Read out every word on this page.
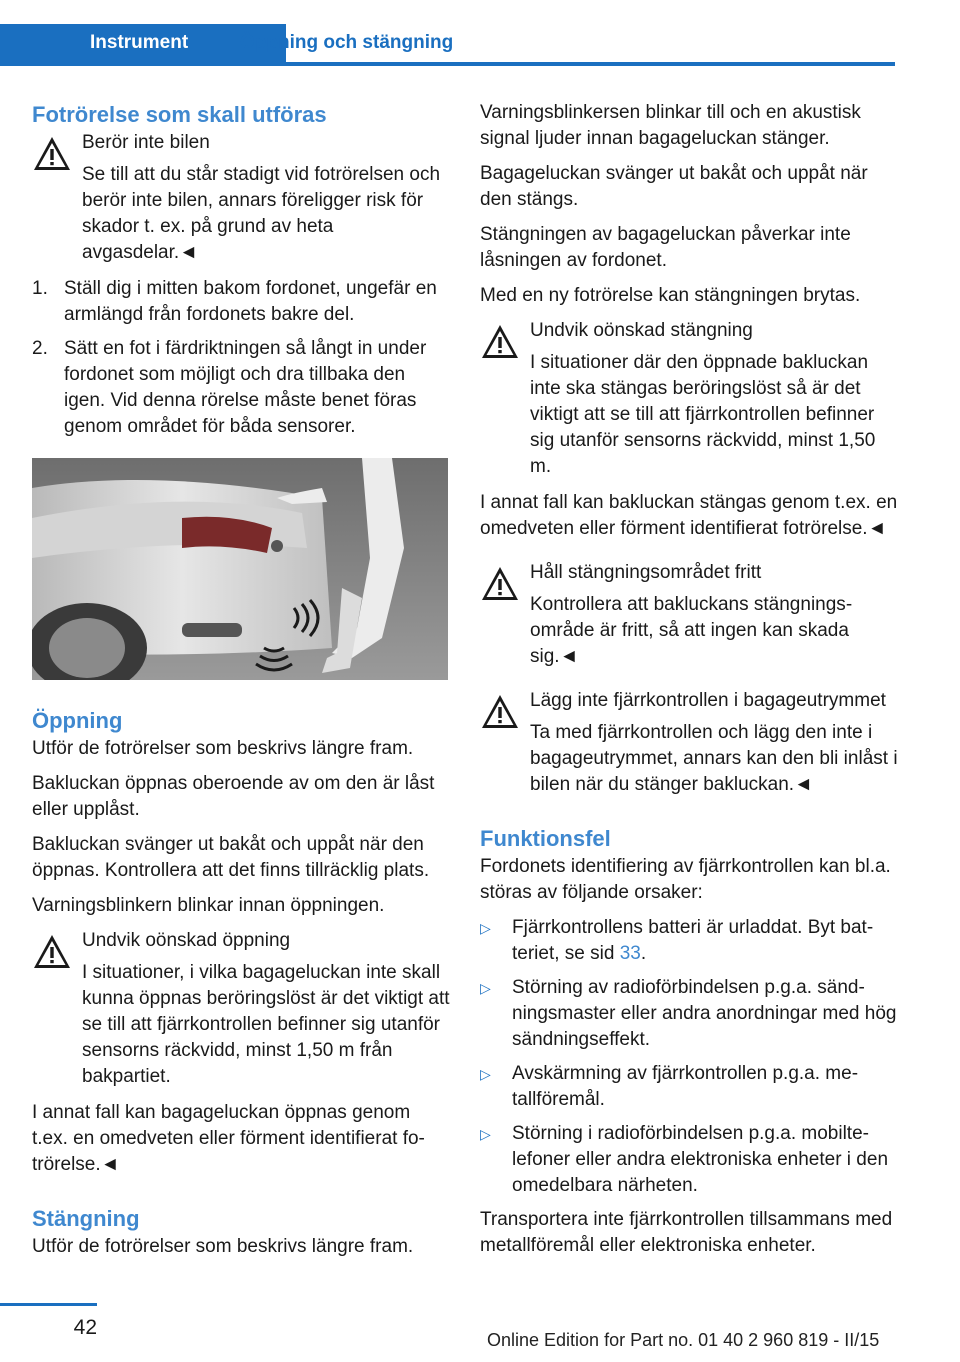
Instrument	Öppning och stängning
Fotrörelse som skall utföras
Berör inte bilen
Se till att du står stadigt vid fotrörelsen och berör inte bilen, annars föreligger risk för skador t. ex. på grund av heta avgasdelar.◄
1. Ställ dig i mitten bakom fordonet, ungefär en armlängd från fordonets bakre del.
2. Sätt en fot i färdriktningen så långt in under fordonet som möjligt och dra tillbaka den igen. Vid denna rörelse måste benet föras genom området för båda sensorer.
Öppning

Utför de fotrörelser som beskrivs längre fram.

Bakluckan öppnas oberoende av om den är låst eller upplåst.

Bakluckan svänger ut bakåt och uppåt när den öppnas. Kontrollera att det finns tillräcklig plats.

Varningsblinkern blinkar innan öppningen.

Undvik oönskad öppning
I situationer, i vilka bagageluckan inte skall kunna öppnas beröringslöst är det viktigt att se till att fjärrkontrollen befinner sig utanför sensorns räckvidd, minst 1,50 m från bakpartiet.

I annat fall kan bagageluckan öppnas genom t.ex. en omedveten eller förment identifierat fotrörelse.◄

Stängning

Utför de fotrörelser som beskrivs längre fram.

Varningsblinkersen blinkar till och en akustisk signal ljuder innan bagageluckan stänger.

Bagageluckan svänger ut bakåt och uppåt när den stängs.

Stängningen av bagageluckan påverkar inte låsningen av fordonet.

Med en ny fotrörelse kan stängningen brytas.

Undvik oönskad stängning
I situationer där den öppnade bakluckan inte ska stängas beröringslöst så är det viktigt att se till att fjärrkontrollen befinner sig utanför sensorns räckvidd, minst 1,50 m.

I annat fall kan bakluckan stängas genom t.ex. en omedveten eller förment identifierat fotrörelse.◄

Håll stängningsområdet fritt
Kontrollera att bakluckans stängningsområde är fritt, så att ingen kan skada sig.◄
Lägg inte fjärrkontrollen i bagageutrymmet
Ta med fjärrkontrollen och lägg den inte i bagageutrymmet, annars kan den bli inlåst i bilen när du stänger bakluckan.◄
Funktionsfel

Fordonets identifiering av fjärrkontrollen kan bl.a. störas av följande orsaker:

▷ Fjärrkontrollens batteri är urladdat. Byt batteriet, se sid 33.
▷ Störning av radioförbindelsen p.g.a. sändningsmaster eller andra anordningar med hög sändningseffekt.
▷ Avskärmning av fjärrkontrollen p.g.a. metallföremål.
▷ Störning i radioförbindelsen p.g.a. mobiltelefoner eller andra elektroniska enheter i den omedelbara närheten.

Transportera inte fjärrkontrollen tillsammans med metallföremål eller elektroniska enheter.

42
Online Edition for Part no. 01 40 2 960 819 - II/15
